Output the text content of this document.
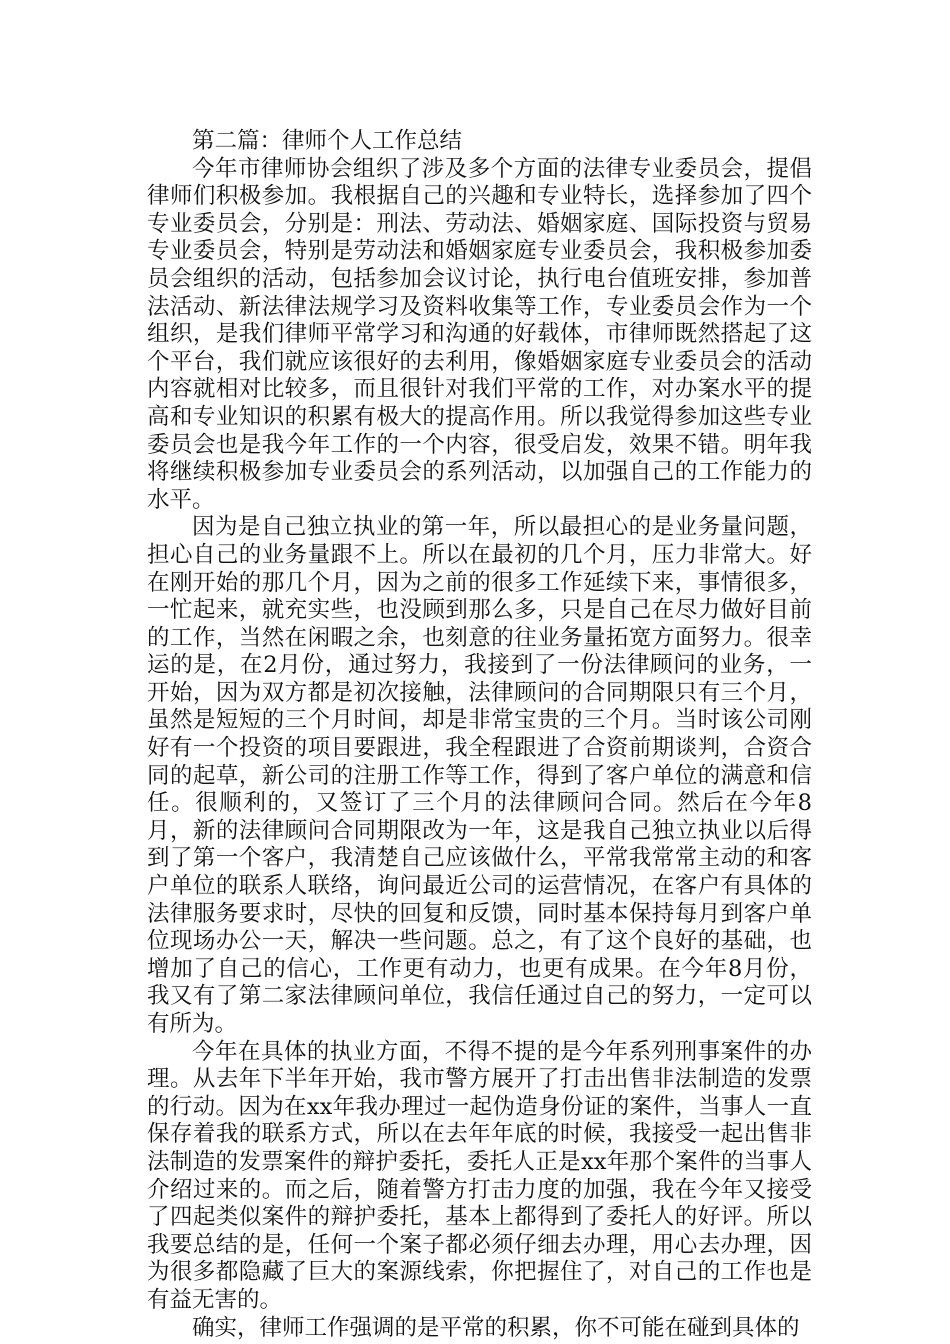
第二篇：律师个人工作总结

今年市律师协会组织了涉及多个方面的法律专业委员会，提倡律师们积极参加。我根据自己的兴趣和专业特长，选择参加了四个专业委员会，分别是：刑法、劳动法、婚姻家庭、国际投资与贸易专业委员会，特别是劳动法和婚姻家庭专业委员会，我积极参加委员会组织的活动，包括参加会议讨论，执行电台值班安排，参加普法活动、新法律法规学习及资料收集等工作，专业委员会作为一个组织，是我们律师平常学习和沟通的好载体，市律师既然搭起了这个平台，我们就应该很好的去利用，像婚姻家庭专业委员会的活动内容就相对比较多，而且很针对我们平常的工作，对办案水平的提高和专业知识的积累有极大的提高作用。所以我觉得参加这些专业委员会也是我今年工作的一个内容，很受启发，效果不错。明年我将继续积极参加专业委员会的系列活动，以加强自己的工作能力的水平。

因为是自己独立执业的第一年，所以最担心的是业务量问题，担心自己的业务量跟不上。所以在最初的几个月，压力非常大。好在刚开始的那几个月，因为之前的很多工作延续下来，事情很多，一忙起来，就充实些，也没顾到那么多，只是自己在尽力做好目前的工作，当然在闲暇之余，也刻意的往业务量拓宽方面努力。很幸运的是，在2月份，通过努力，我接到了一份法律顾问的业务，一开始，因为双方都是初次接触，法律顾问的合同期限只有三个月，虽然是短短的三个月时间，却是非常宝贵的三个月。当时该公司刚好有一个投资的项目要跟进，我全程跟进了合资前期谈判，合资合同的起草，新公司的注册工作等工作，得到了客户单位的满意和信任。很顺利的，又签订了三个月的法律顾问合同。然后在今年8月，新的法律顾问合同期限改为一年，这是我自己独立执业以后得到了第一个客户，我清楚自己应该做什么，平常我常常主动的和客户单位的联系人联络，询问最近公司的运营情况，在客户有具体的法律服务要求时，尽快的回复和反馈，同时基本保持每月到客户单位现场办公一天，解决一些问题。总之，有了这个良好的基础，也增加了自己的信心，工作更有动力，也更有成果。在今年8月份，我又有了第二家法律顾问单位，我信任通过自己的努力，一定可以有所为。

今年在具体的执业方面，不得不提的是今年系列刑事案件的办理。从去年下半年开始，我市警方展开了打击出售非法制造的发票的行动。因为在xx年我办理过一起伪造身份证的案件，当事人一直保存着我的联系方式，所以在去年年底的时候，我接受一起出售非法制造的发票案件的辩护委托，委托人正是xx年那个案件的当事人介绍过来的。而之后，随着警方打击力度的加强，我在今年又接受了四起类似案件的辩护委托，基本上都得到了委托人的好评。所以我要总结的是，任何一个案子都必须仔细去办理，用心去办理，因为很多都隐藏了巨大的案源线索，你把握住了，对自己的工作也是有益无害的。

确实，律师工作强调的是平常的积累，你不可能在碰到具体的
